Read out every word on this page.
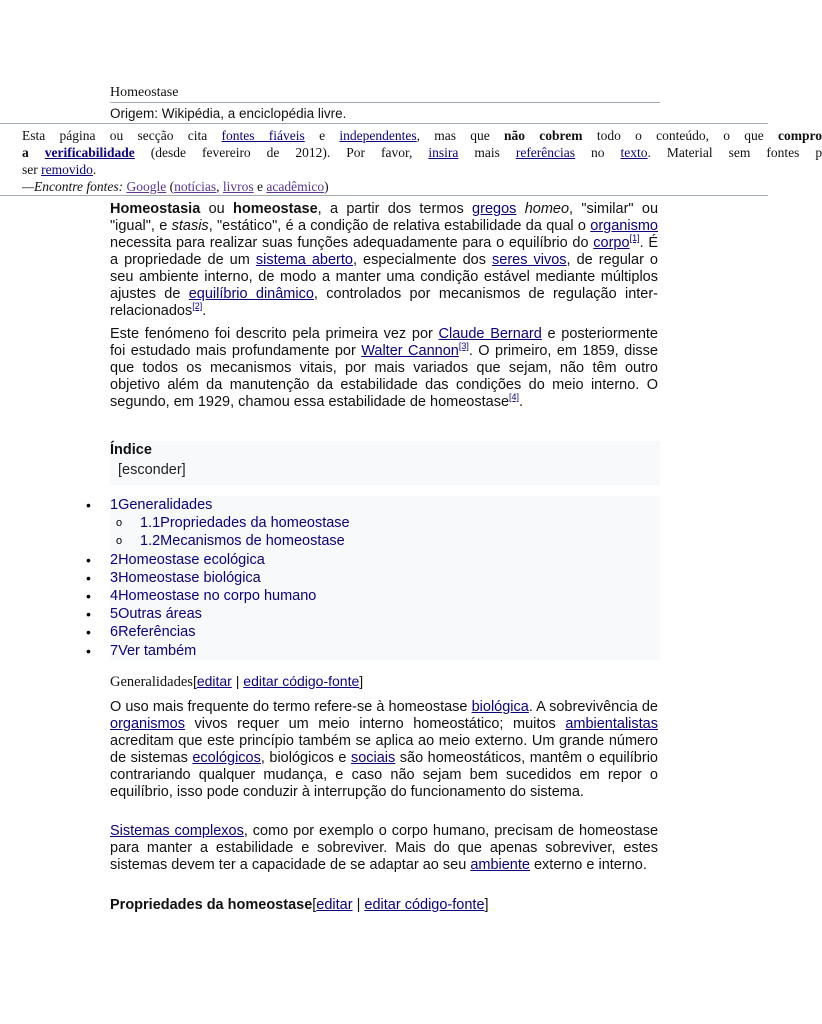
Homeostase
Origem: Wikipédia, a enciclopédia livre.
Esta página ou secção cita fontes fiáveis e independentes, mas que não cobrem todo o conteúdo, o que compro
a verificabilidade (desde fevereiro de 2012). Por favor, insira mais referências no texto. Material sem fontes p
ser removido.
—Encontre fontes: Google (notícias, livros e acadêmico)
Homeostasia ou homeostase, a partir dos termos gregos homeo, "similar" ou "igual", e stasis, "estático", é a condição de relativa estabilidade da qual o organismo necessita para realizar suas funções adequadamente para o equilíbrio do corpo[1]. É a propriedade de um sistema aberto, especialmente dos seres vivos, de regular o seu ambiente interno, de modo a manter uma condição estável mediante múltiplos ajustes de equilíbrio dinâmico, controlados por mecanismos de regulação inter-relacionados[2].
Este fenómeno foi descrito pela primeira vez por Claude Bernard e posteriormente foi estudado mais profundamente por Walter Cannon[3]. O primeiro, em 1859, disse que todos os mecanismos vitais, por mais variados que sejam, não têm outro objetivo além da manutenção da estabilidade das condições do meio interno. O segundo, em 1929, chamou essa estabilidade de homeostase[4].
Índice
[esconder]
• 1Generalidades
o 1.1Propriedades da homeostase
o 1.2Mecanismos de homeostase
• 2Homeostase ecológica
• 3Homeostase biológica
• 4Homeostase no corpo humano
• 5Outras áreas
• 6Referências
• 7Ver também
Generalidades[editar | editar código-fonte]
O uso mais frequente do termo refere-se à homeostase biológica. A sobrevivência de organismos vivos requer um meio interno homeostático; muitos ambientalistas acreditam que este princípio também se aplica ao meio externo. Um grande número de sistemas ecológicos, biológicos e sociais são homeostáticos, mantêm o equilíbrio contrariando qualquer mudança, e caso não sejam bem sucedidos em repor o equilíbrio, isso pode conduzir à interrupção do funcionamento do sistema.
Sistemas complexos, como por exemplo o corpo humano, precisam de homeostase para manter a estabilidade e sobreviver. Mais do que apenas sobreviver, estes sistemas devem ter a capacidade de se adaptar ao seu ambiente externo e interno.
Propriedades da homeostase[editar | editar código-fonte]
